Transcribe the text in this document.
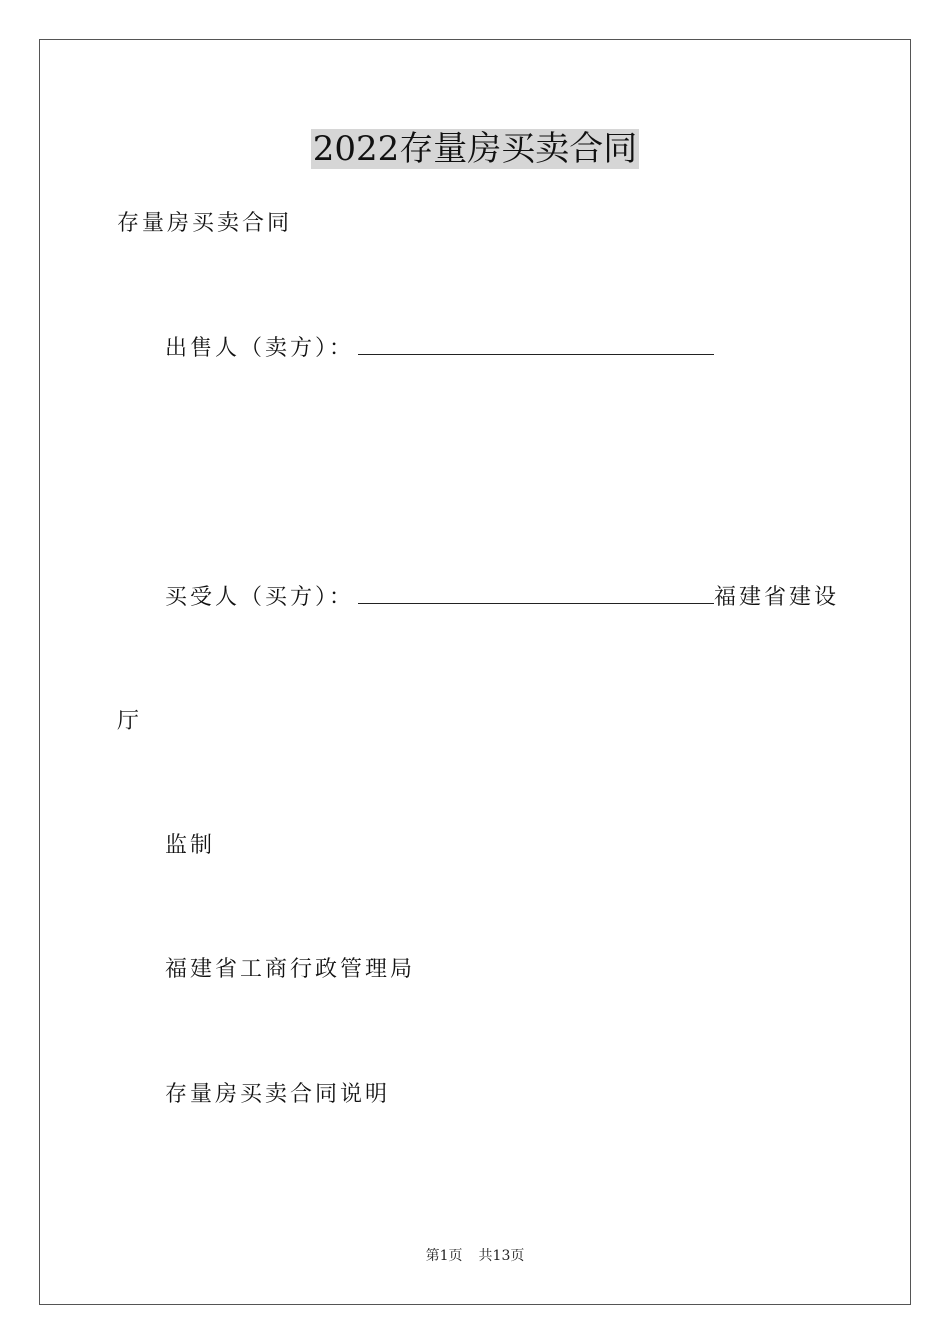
2022存量房买卖合同
存量房买卖合同
出售人（卖方）：
买受人（买方）：	福建省建设
厅
监制
福建省工商行政管理局
存量房买卖合同说明
第1页 共13页
